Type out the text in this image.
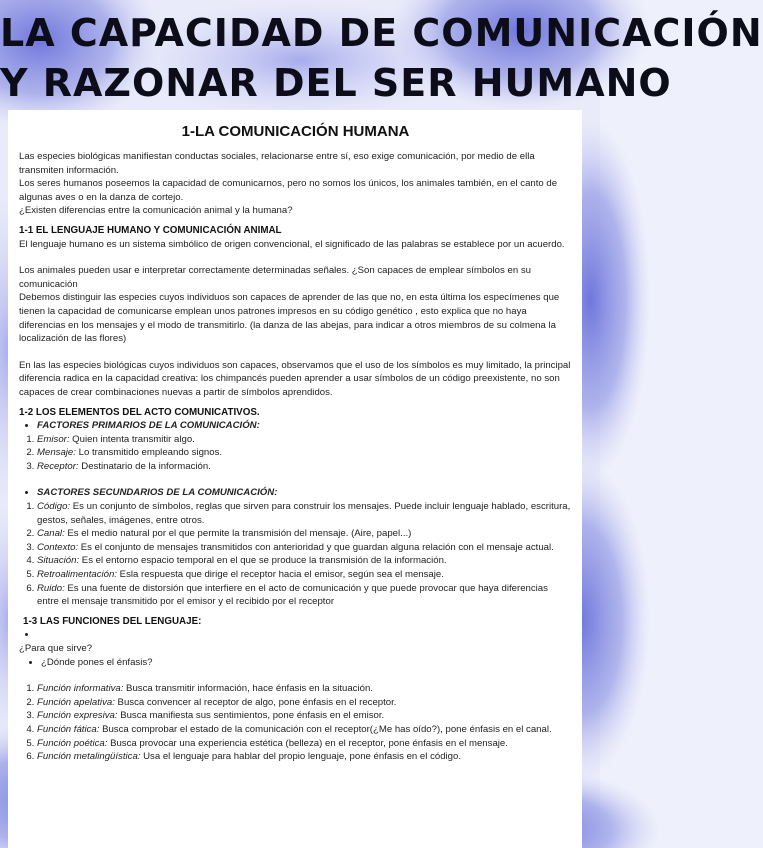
LA CAPACIDAD DE COMUNICACIÓN
Y RAZONAR DEL SER HUMANO
1-LA COMUNICACIÓN HUMANA

Las especies biológicas manifiestan conductas sociales, relacionarse entre sí, eso exige comunicación, por medio de ella transmiten información.

Los seres humanos poseemos la capacidad de comunicarnos, pero no somos los únicos, los animales también, en el canto de algunas aves o en la danza de cortejo.

¿Existen diferencias entre la comunicación animal y la humana?

1-1 EL LENGUAJE HUMANO Y COMUNICACIÓN ANIMAL

El lenguaje humano es un sistema simbólico de origen convencional, el significado de las palabras se establece por un acuerdo.

Los animales pueden usar e interpretar correctamente determinadas señales. ¿Son capaces de emplear símbolos en su comunicación

Debemos distinguir las especies cuyos individuos son capaces de aprender de las que no, en esta última los especímenes que tienen la capacidad de comunicarse emplean unos patrones impresos en su código genético , esto explica que no haya diferencias en los mensajes y el modo de transmitirlo. (la danza de las abejas, para indicar a otros miembros de su colmena la localización de las flores)

En las las especies biológicas cuyos individuos son capaces, observamos que el uso de los símbolos es muy limitado, la principal diferencia radica en la capacidad creativa: los chimpancés pueden aprender a usar símbolos de un código preexistente, no son capaces de crear combinaciones nuevas a partir de símbolos aprendidos.

1-2 LOS ELEMENTOS DEL ACTO COMUNICATIVOS.
• FACTORES PRIMARIOS DE LA COMUNICACIÓN:
1. Emisor: Quien intenta transmitir algo.
2. Mensaje: Lo transmitido empleando signos.
3. Receptor: Destinatario de la información.
• SACTORES SECUNDARIOS DE LA COMUNICACIÓN:
1. Código: Es un conjunto de símbolos, reglas que sirven para construir los mensajes. Puede incluir lenguaje hablado, escritura, gestos, señales, imágenes, entre otros.
2. Canal: Es el medio natural por el que permite la transmisión del mensaje. (Aire, papel...)
3. Contexto: Es el conjunto de mensajes transmitidos con anterioridad y que guardan alguna relación con el mensaje actual.
4. Situación: Es el entorno espacio temporal en el que se produce la transmisión de la información.
5. Retroalimentación: Esla respuesta que dirige el receptor hacia el emisor, según sea el mensaje.
6. Ruido: Es una fuente de distorsión que interfiere en el acto de comunicación y que puede provocar que haya diferencias entre el mensaje transmitido por el emisor y el recibido por el receptor
1-3 LAS FUNCIONES DEL LENGUAJE:
•

¿Para que sirve?

• ¿Dónde pones el énfasis?
1. Función informativa: Busca transmitir información, hace énfasis en la situación.
2. Función apelativa: Busca convencer al receptor de algo, pone énfasis en el receptor.
3. Función expresiva: Busca manifiesta sus sentimientos, pone énfasis en el emisor.
4. Función fática: Busca comprobar el estado de la comunicación con el receptor(¿Me has oído?), pone énfasis en el canal.
5. Función poética: Busca provocar una experiencia estética (belleza) en el receptor, pone énfasis en el mensaje.
6. Función metalingüística: Usa el lenguaje para hablar del propio lenguaje, pone énfasis en el código.
